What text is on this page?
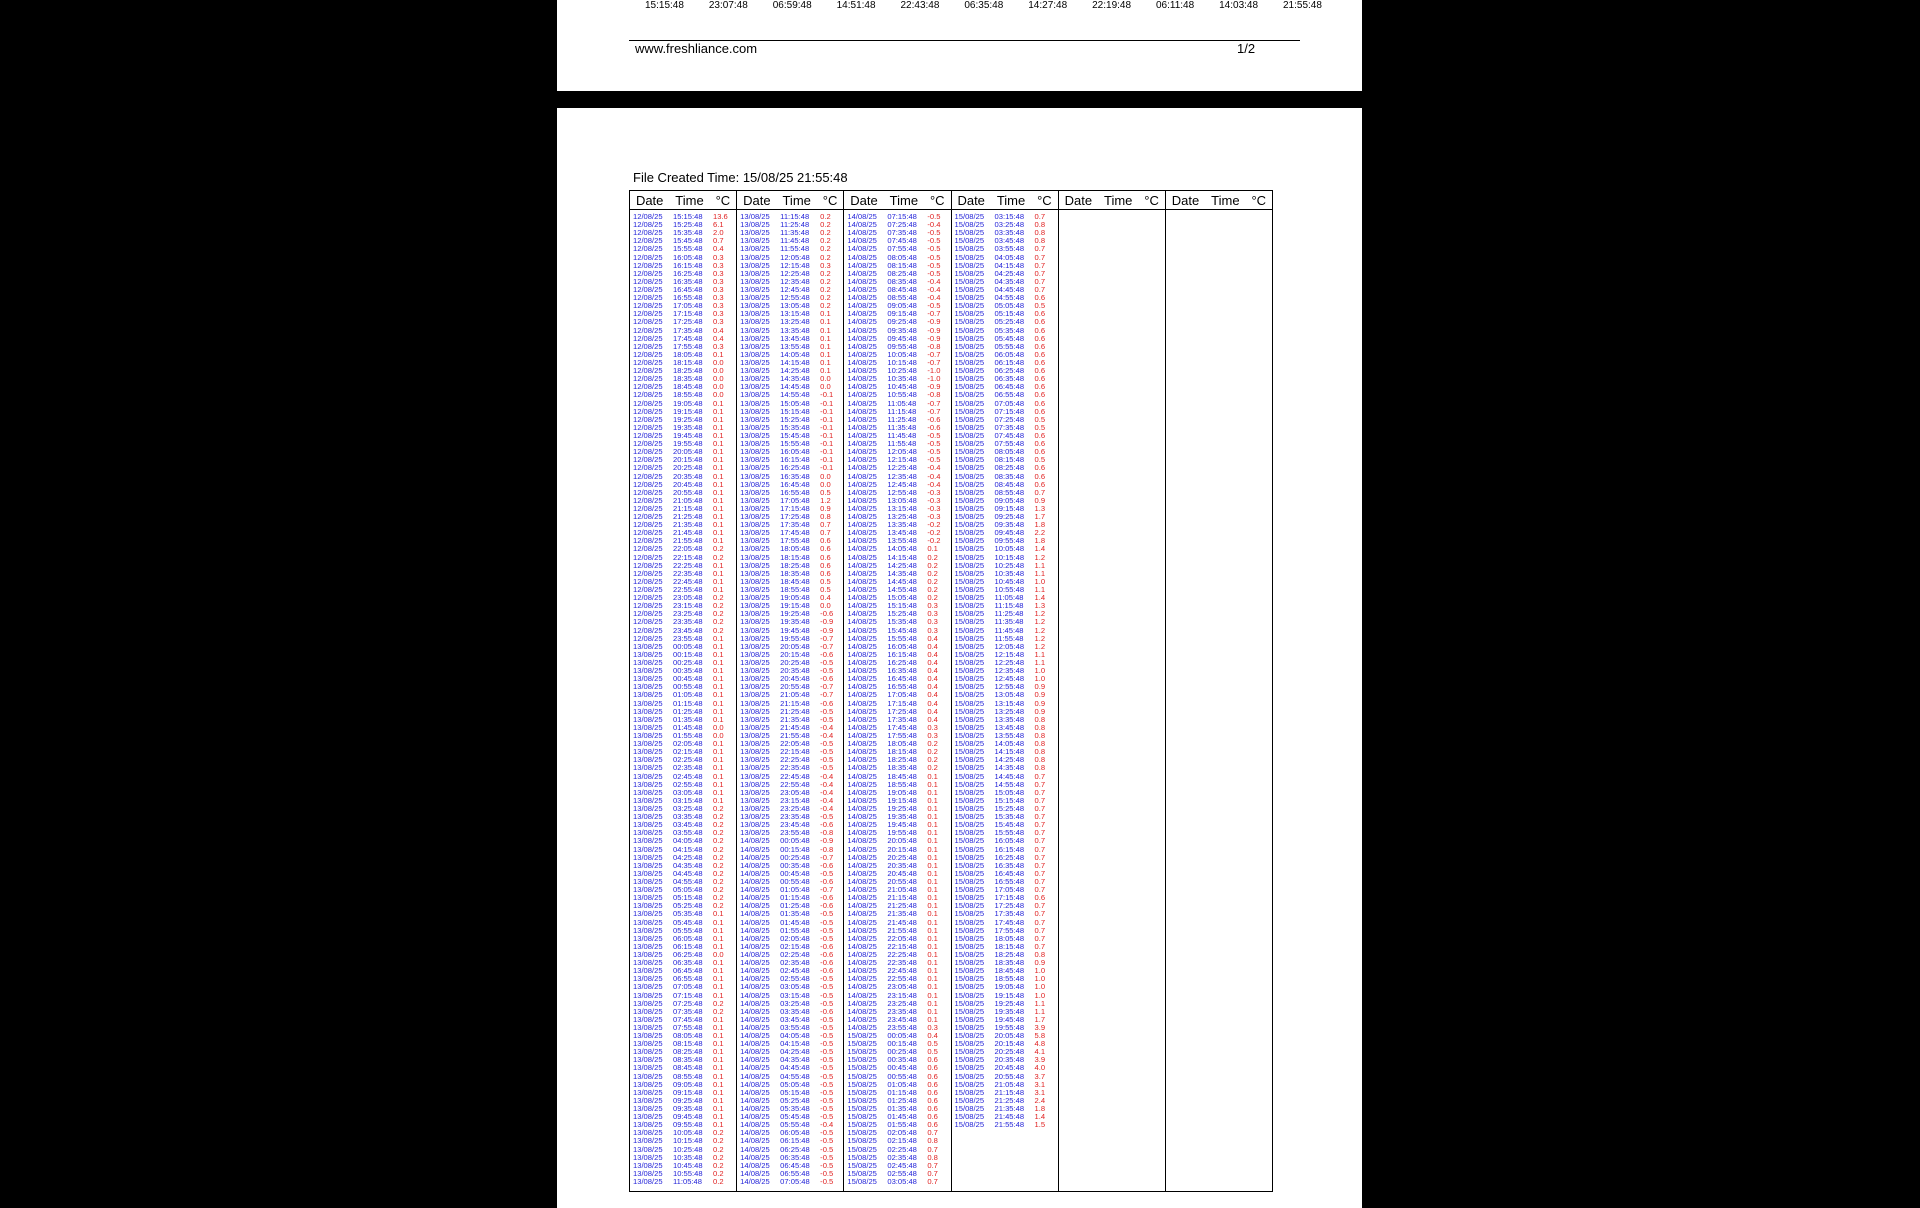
15:15:48 23:07:48 06:59:48 14:51:48 22:43:48 06:35:48 14:27:48 22:19:48 06:11:48 14:03:48 21:55:48
www.freshliance.com	1/2
File Created Time: 15/08/25 21:55:48
Date Time °C
12/08/25	15:15:48	13.6
12/08/25	15:25:48	6.1
12/08/25	15:35:48	2.0
12/08/25	15:45:48	0.7
12/08/25	15:55:48	0.4
12/08/25	16:05:48	0.3
12/08/25	16:15:48	0.3
12/08/25	16:25:48	0.3
12/08/25	16:35:48	0.3
12/08/25	16:45:48	0.3
12/08/25	16:55:48	0.3
12/08/25	17:05:48	0.3
12/08/25	17:15:48	0.3
12/08/25	17:25:48	0.3
12/08/25	17:35:48	0.4
12/08/25	17:45:48	0.4
12/08/25	17:55:48	0.3
12/08/25	18:05:48	0.1
12/08/25	18:15:48	0.0
12/08/25	18:25:48	0.0
12/08/25	18:35:48	0.0
12/08/25	18:45:48	0.0
12/08/25	18:55:48	0.0
12/08/25	19:05:48	0.1
12/08/25	19:15:48	0.1
12/08/25	19:25:48	0.1
12/08/25	19:35:48	0.1
12/08/25	19:45:48	0.1
12/08/25	19:55:48	0.1
12/08/25	20:05:48	0.1
12/08/25	20:15:48	0.1
12/08/25	20:25:48	0.1
12/08/25	20:35:48	0.1
12/08/25	20:45:48	0.1
12/08/25	20:55:48	0.1
12/08/25	21:05:48	0.1
12/08/25	21:15:48	0.1
12/08/25	21:25:48	0.1
12/08/25	21:35:48	0.1
12/08/25	21:45:48	0.1
12/08/25	21:55:48	0.1
12/08/25	22:05:48	0.2
12/08/25	22:15:48	0.2
12/08/25	22:25:48	0.1
12/08/25	22:35:48	0.1
12/08/25	22:45:48	0.1
12/08/25	22:55:48	0.1
12/08/25	23:05:48	0.2
12/08/25	23:15:48	0.2
12/08/25	23:25:48	0.2
12/08/25	23:35:48	0.2
12/08/25	23:45:48	0.2
12/08/25	23:55:48	0.1
13/08/25	00:05:48	0.1
13/08/25	00:15:48	0.1
13/08/25	00:25:48	0.1
13/08/25	00:35:48	0.1
13/08/25	00:45:48	0.1
13/08/25	00:55:48	0.1
13/08/25	01:05:48	0.1
13/08/25	01:15:48	0.1
13/08/25	01:25:48	0.1
13/08/25	01:35:48	0.1
13/08/25	01:45:48	0.0
13/08/25	01:55:48	0.0
13/08/25	02:05:48	0.1
13/08/25	02:15:48	0.1
13/08/25	02:25:48	0.1
13/08/25	02:35:48	0.1
13/08/25	02:45:48	0.1
13/08/25	02:55:48	0.1
13/08/25	03:05:48	0.1
13/08/25	03:15:48	0.1
13/08/25	03:25:48	0.2
13/08/25	03:35:48	0.2
13/08/25	03:45:48	0.2
13/08/25	03:55:48	0.2
13/08/25	04:05:48	0.2
13/08/25	04:15:48	0.2
13/08/25	04:25:48	0.2
13/08/25	04:35:48	0.2
13/08/25	04:45:48	0.2
13/08/25	04:55:48	0.2
13/08/25	05:05:48	0.2
13/08/25	05:15:48	0.2
13/08/25	05:25:48	0.2
13/08/25	05:35:48	0.1
13/08/25	05:45:48	0.1
13/08/25	05:55:48	0.1
13/08/25	06:05:48	0.1
13/08/25	06:15:48	0.1
13/08/25	06:25:48	0.0
13/08/25	06:35:48	0.1
13/08/25	06:45:48	0.1
13/08/25	06:55:48	0.1
13/08/25	07:05:48	0.1
13/08/25	07:15:48	0.1
13/08/25	07:25:48	0.2
13/08/25	07:35:48	0.2
13/08/25	07:45:48	0.1
13/08/25	07:55:48	0.1
13/08/25	08:05:48	0.1
13/08/25	08:15:48	0.1
13/08/25	08:25:48	0.1
13/08/25	08:35:48	0.1
13/08/25	08:45:48	0.1
13/08/25	08:55:48	0.1
13/08/25	09:05:48	0.1
13/08/25	09:15:48	0.1
13/08/25	09:25:48	0.1
13/08/25	09:35:48	0.1
13/08/25	09:45:48	0.1
13/08/25	09:55:48	0.1
13/08/25	10:05:48	0.2
13/08/25	10:15:48	0.2
13/08/25	10:25:48	0.2
13/08/25	10:35:48	0.2
13/08/25	10:45:48	0.2
13/08/25	10:55:48	0.2
13/08/25	11:05:48	0.2
Date Time °C
13/08/25	11:15:48	0.2
13/08/25	11:25:48	0.2
13/08/25	11:35:48	0.2
13/08/25	11:45:48	0.2
13/08/25	11:55:48	0.2
13/08/25	12:05:48	0.2
13/08/25	12:15:48	0.3
13/08/25	12:25:48	0.2
13/08/25	12:35:48	0.2
13/08/25	12:45:48	0.2
13/08/25	12:55:48	0.2
13/08/25	13:05:48	0.2
13/08/25	13:15:48	0.1
13/08/25	13:25:48	0.1
13/08/25	13:35:48	0.1
13/08/25	13:45:48	0.1
13/08/25	13:55:48	0.1
13/08/25	14:05:48	0.1
13/08/25	14:15:48	0.1
13/08/25	14:25:48	0.1
13/08/25	14:35:48	0.0
13/08/25	14:45:48	0.0
13/08/25	14:55:48	-0.1
13/08/25	15:05:48	-0.1
13/08/25	15:15:48	-0.1
13/08/25	15:25:48	-0.1
13/08/25	15:35:48	-0.1
13/08/25	15:45:48	-0.1
13/08/25	15:55:48	-0.1
13/08/25	16:05:48	-0.1
13/08/25	16:15:48	-0.1
13/08/25	16:25:48	-0.1
13/08/25	16:35:48	0.0
13/08/25	16:45:48	0.0
13/08/25	16:55:48	0.5
13/08/25	17:05:48	1.2
13/08/25	17:15:48	0.9
13/08/25	17:25:48	0.8
13/08/25	17:35:48	0.7
13/08/25	17:45:48	0.7
13/08/25	17:55:48	0.6
13/08/25	18:05:48	0.6
13/08/25	18:15:48	0.6
13/08/25	18:25:48	0.6
13/08/25	18:35:48	0.6
13/08/25	18:45:48	0.5
13/08/25	18:55:48	0.5
13/08/25	19:05:48	0.4
13/08/25	19:15:48	0.0
13/08/25	19:25:48	-0.6
13/08/25	19:35:48	-0.9
13/08/25	19:45:48	-0.9
13/08/25	19:55:48	-0.7
13/08/25	20:05:48	-0.7
13/08/25	20:15:48	-0.6
13/08/25	20:25:48	-0.5
13/08/25	20:35:48	-0.5
13/08/25	20:45:48	-0.6
13/08/25	20:55:48	-0.7
13/08/25	21:05:48	-0.7
13/08/25	21:15:48	-0.6
13/08/25	21:25:48	-0.5
13/08/25	21:35:48	-0.5
13/08/25	21:45:48	-0.4
13/08/25	21:55:48	-0.4
13/08/25	22:05:48	-0.5
13/08/25	22:15:48	-0.5
13/08/25	22:25:48	-0.5
13/08/25	22:35:48	-0.5
13/08/25	22:45:48	-0.4
13/08/25	22:55:48	-0.4
13/08/25	23:05:48	-0.4
13/08/25	23:15:48	-0.4
13/08/25	23:25:48	-0.4
13/08/25	23:35:48	-0.5
13/08/25	23:45:48	-0.6
13/08/25	23:55:48	-0.8
14/08/25	00:05:48	-0.9
14/08/25	00:15:48	-0.8
14/08/25	00:25:48	-0.7
14/08/25	00:35:48	-0.6
14/08/25	00:45:48	-0.5
14/08/25	00:55:48	-0.6
14/08/25	01:05:48	-0.7
14/08/25	01:15:48	-0.6
14/08/25	01:25:48	-0.6
14/08/25	01:35:48	-0.5
14/08/25	01:45:48	-0.5
14/08/25	01:55:48	-0.5
14/08/25	02:05:48	-0.5
14/08/25	02:15:48	-0.6
14/08/25	02:25:48	-0.6
14/08/25	02:35:48	-0.6
14/08/25	02:45:48	-0.6
14/08/25	02:55:48	-0.5
14/08/25	03:05:48	-0.5
14/08/25	03:15:48	-0.5
14/08/25	03:25:48	-0.5
14/08/25	03:35:48	-0.6
14/08/25	03:45:48	-0.5
14/08/25	03:55:48	-0.5
14/08/25	04:05:48	-0.5
14/08/25	04:15:48	-0.5
14/08/25	04:25:48	-0.5
14/08/25	04:35:48	-0.5
14/08/25	04:45:48	-0.5
14/08/25	04:55:48	-0.5
14/08/25	05:05:48	-0.5
14/08/25	05:15:48	-0.5
14/08/25	05:25:48	-0.5
14/08/25	05:35:48	-0.5
14/08/25	05:45:48	-0.5
14/08/25	05:55:48	-0.4
14/08/25	06:05:48	-0.5
14/08/25	06:15:48	-0.5
14/08/25	06:25:48	-0.5
14/08/25	06:35:48	-0.5
14/08/25	06:45:48	-0.5
14/08/25	06:55:48	-0.5
14/08/25	07:05:48	-0.5
Date Time °C
14/08/25	07:15:48	-0.5
14/08/25	07:25:48	-0.4
14/08/25	07:35:48	-0.5
14/08/25	07:45:48	-0.5
14/08/25	07:55:48	-0.5
14/08/25	08:05:48	-0.5
14/08/25	08:15:48	-0.5
14/08/25	08:25:48	-0.5
14/08/25	08:35:48	-0.4
14/08/25	08:45:48	-0.4
14/08/25	08:55:48	-0.4
14/08/25	09:05:48	-0.5
14/08/25	09:15:48	-0.7
14/08/25	09:25:48	-0.9
14/08/25	09:35:48	-0.9
14/08/25	09:45:48	-0.9
14/08/25	09:55:48	-0.8
14/08/25	10:05:48	-0.7
14/08/25	10:15:48	-0.7
14/08/25	10:25:48	-1.0
14/08/25	10:35:48	-1.0
14/08/25	10:45:48	-0.9
14/08/25	10:55:48	-0.8
14/08/25	11:05:48	-0.7
14/08/25	11:15:48	-0.7
14/08/25	11:25:48	-0.6
14/08/25	11:35:48	-0.6
14/08/25	11:45:48	-0.5
14/08/25	11:55:48	-0.5
14/08/25	12:05:48	-0.5
14/08/25	12:15:48	-0.5
14/08/25	12:25:48	-0.4
14/08/25	12:35:48	-0.4
14/08/25	12:45:48	-0.4
14/08/25	12:55:48	-0.3
14/08/25	13:05:48	-0.3
14/08/25	13:15:48	-0.3
14/08/25	13:25:48	-0.3
14/08/25	13:35:48	-0.2
14/08/25	13:45:48	-0.2
14/08/25	13:55:48	-0.2
14/08/25	14:05:48	0.1
14/08/25	14:15:48	0.2
14/08/25	14:25:48	0.2
14/08/25	14:35:48	0.2
14/08/25	14:45:48	0.2
14/08/25	14:55:48	0.2
14/08/25	15:05:48	0.2
14/08/25	15:15:48	0.3
14/08/25	15:25:48	0.3
14/08/25	15:35:48	0.3
14/08/25	15:45:48	0.3
14/08/25	15:55:48	0.4
14/08/25	16:05:48	0.4
14/08/25	16:15:48	0.4
14/08/25	16:25:48	0.4
14/08/25	16:35:48	0.4
14/08/25	16:45:48	0.4
14/08/25	16:55:48	0.4
14/08/25	17:05:48	0.4
14/08/25	17:15:48	0.4
14/08/25	17:25:48	0.4
14/08/25	17:35:48	0.4
14/08/25	17:45:48	0.3
14/08/25	17:55:48	0.3
14/08/25	18:05:48	0.2
14/08/25	18:15:48	0.2
14/08/25	18:25:48	0.2
14/08/25	18:35:48	0.2
14/08/25	18:45:48	0.1
14/08/25	18:55:48	0.1
14/08/25	19:05:48	0.1
14/08/25	19:15:48	0.1
14/08/25	19:25:48	0.1
14/08/25	19:35:48	0.1
14/08/25	19:45:48	0.1
14/08/25	19:55:48	0.1
14/08/25	20:05:48	0.1
14/08/25	20:15:48	0.1
14/08/25	20:25:48	0.1
14/08/25	20:35:48	0.1
14/08/25	20:45:48	0.1
14/08/25	20:55:48	0.1
14/08/25	21:05:48	0.1
14/08/25	21:15:48	0.1
14/08/25	21:25:48	0.1
14/08/25	21:35:48	0.1
14/08/25	21:45:48	0.1
14/08/25	21:55:48	0.1
14/08/25	22:05:48	0.1
14/08/25	22:15:48	0.1
14/08/25	22:25:48	0.1
14/08/25	22:35:48	0.1
14/08/25	22:45:48	0.1
14/08/25	22:55:48	0.1
14/08/25	23:05:48	0.1
14/08/25	23:15:48	0.1
14/08/25	23:25:48	0.1
14/08/25	23:35:48	0.1
14/08/25	23:45:48	0.1
14/08/25	23:55:48	0.3
15/08/25	00:05:48	0.4
15/08/25	00:15:48	0.5
15/08/25	00:25:48	0.5
15/08/25	00:35:48	0.6
15/08/25	00:45:48	0.6
15/08/25	00:55:48	0.6
15/08/25	01:05:48	0.6
15/08/25	01:15:48	0.6
15/08/25	01:25:48	0.6
15/08/25	01:35:48	0.6
15/08/25	01:45:48	0.6
15/08/25	01:55:48	0.6
15/08/25	02:05:48	0.7
15/08/25	02:15:48	0.8
15/08/25	02:25:48	0.7
15/08/25	02:35:48	0.8
15/08/25	02:45:48	0.7
15/08/25	02:55:48	0.7
15/08/25	03:05:48	0.7
Date Time °C
15/08/25	03:15:48	0.7
15/08/25	03:25:48	0.8
15/08/25	03:35:48	0.8
15/08/25	03:45:48	0.8
15/08/25	03:55:48	0.7
15/08/25	04:05:48	0.7
15/08/25	04:15:48	0.7
15/08/25	04:25:48	0.7
15/08/25	04:35:48	0.7
15/08/25	04:45:48	0.7
15/08/25	04:55:48	0.6
15/08/25	05:05:48	0.5
15/08/25	05:15:48	0.6
15/08/25	05:25:48	0.6
15/08/25	05:35:48	0.6
15/08/25	05:45:48	0.6
15/08/25	05:55:48	0.6
15/08/25	06:05:48	0.6
15/08/25	06:15:48	0.6
15/08/25	06:25:48	0.6
15/08/25	06:35:48	0.6
15/08/25	06:45:48	0.6
15/08/25	06:55:48	0.6
15/08/25	07:05:48	0.6
15/08/25	07:15:48	0.6
15/08/25	07:25:48	0.5
15/08/25	07:35:48	0.5
15/08/25	07:45:48	0.6
15/08/25	07:55:48	0.6
15/08/25	08:05:48	0.6
15/08/25	08:15:48	0.5
15/08/25	08:25:48	0.6
15/08/25	08:35:48	0.6
15/08/25	08:45:48	0.6
15/08/25	08:55:48	0.7
15/08/25	09:05:48	0.9
15/08/25	09:15:48	1.3
15/08/25	09:25:48	1.7
15/08/25	09:35:48	1.8
15/08/25	09:45:48	2.2
15/08/25	09:55:48	1.8
15/08/25	10:05:48	1.4
15/08/25	10:15:48	1.2
15/08/25	10:25:48	1.1
15/08/25	10:35:48	1.1
15/08/25	10:45:48	1.0
15/08/25	10:55:48	1.1
15/08/25	11:05:48	1.4
15/08/25	11:15:48	1.3
15/08/25	11:25:48	1.2
15/08/25	11:35:48	1.2
15/08/25	11:45:48	1.2
15/08/25	11:55:48	1.2
15/08/25	12:05:48	1.2
15/08/25	12:15:48	1.1
15/08/25	12:25:48	1.1
15/08/25	12:35:48	1.0
15/08/25	12:45:48	1.0
15/08/25	12:55:48	0.9
15/08/25	13:05:48	0.9
15/08/25	13:15:48	0.9
15/08/25	13:25:48	0.9
15/08/25	13:35:48	0.8
15/08/25	13:45:48	0.8
15/08/25	13:55:48	0.8
15/08/25	14:05:48	0.8
15/08/25	14:15:48	0.8
15/08/25	14:25:48	0.8
15/08/25	14:35:48	0.8
15/08/25	14:45:48	0.7
15/08/25	14:55:48	0.7
15/08/25	15:05:48	0.7
15/08/25	15:15:48	0.7
15/08/25	15:25:48	0.7
15/08/25	15:35:48	0.7
15/08/25	15:45:48	0.7
15/08/25	15:55:48	0.7
15/08/25	16:05:48	0.7
15/08/25	16:15:48	0.7
15/08/25	16:25:48	0.7
15/08/25	16:35:48	0.7
15/08/25	16:45:48	0.7
15/08/25	16:55:48	0.7
15/08/25	17:05:48	0.7
15/08/25	17:15:48	0.6
15/08/25	17:25:48	0.7
15/08/25	17:35:48	0.7
15/08/25	17:45:48	0.7
15/08/25	17:55:48	0.7
15/08/25	18:05:48	0.7
15/08/25	18:15:48	0.7
15/08/25	18:25:48	0.8
15/08/25	18:35:48	0.9
15/08/25	18:45:48	1.0
15/08/25	18:55:48	1.0
15/08/25	19:05:48	1.0
15/08/25	19:15:48	1.0
15/08/25	19:25:48	1.1
15/08/25	19:35:48	1.1
15/08/25	19:45:48	1.7
15/08/25	19:55:48	3.9
15/08/25	20:05:48	5.8
15/08/25	20:15:48	4.8
15/08/25	20:25:48	4.1
15/08/25	20:35:48	3.9
15/08/25	20:45:48	4.0
15/08/25	20:55:48	3.7
15/08/25	21:05:48	3.1
15/08/25	21:15:48	3.1
15/08/25	21:25:48	2.4
15/08/25	21:35:48	1.8
15/08/25	21:45:48	1.4
15/08/25	21:55:48	1.5
Date Time °C Date Time °C
